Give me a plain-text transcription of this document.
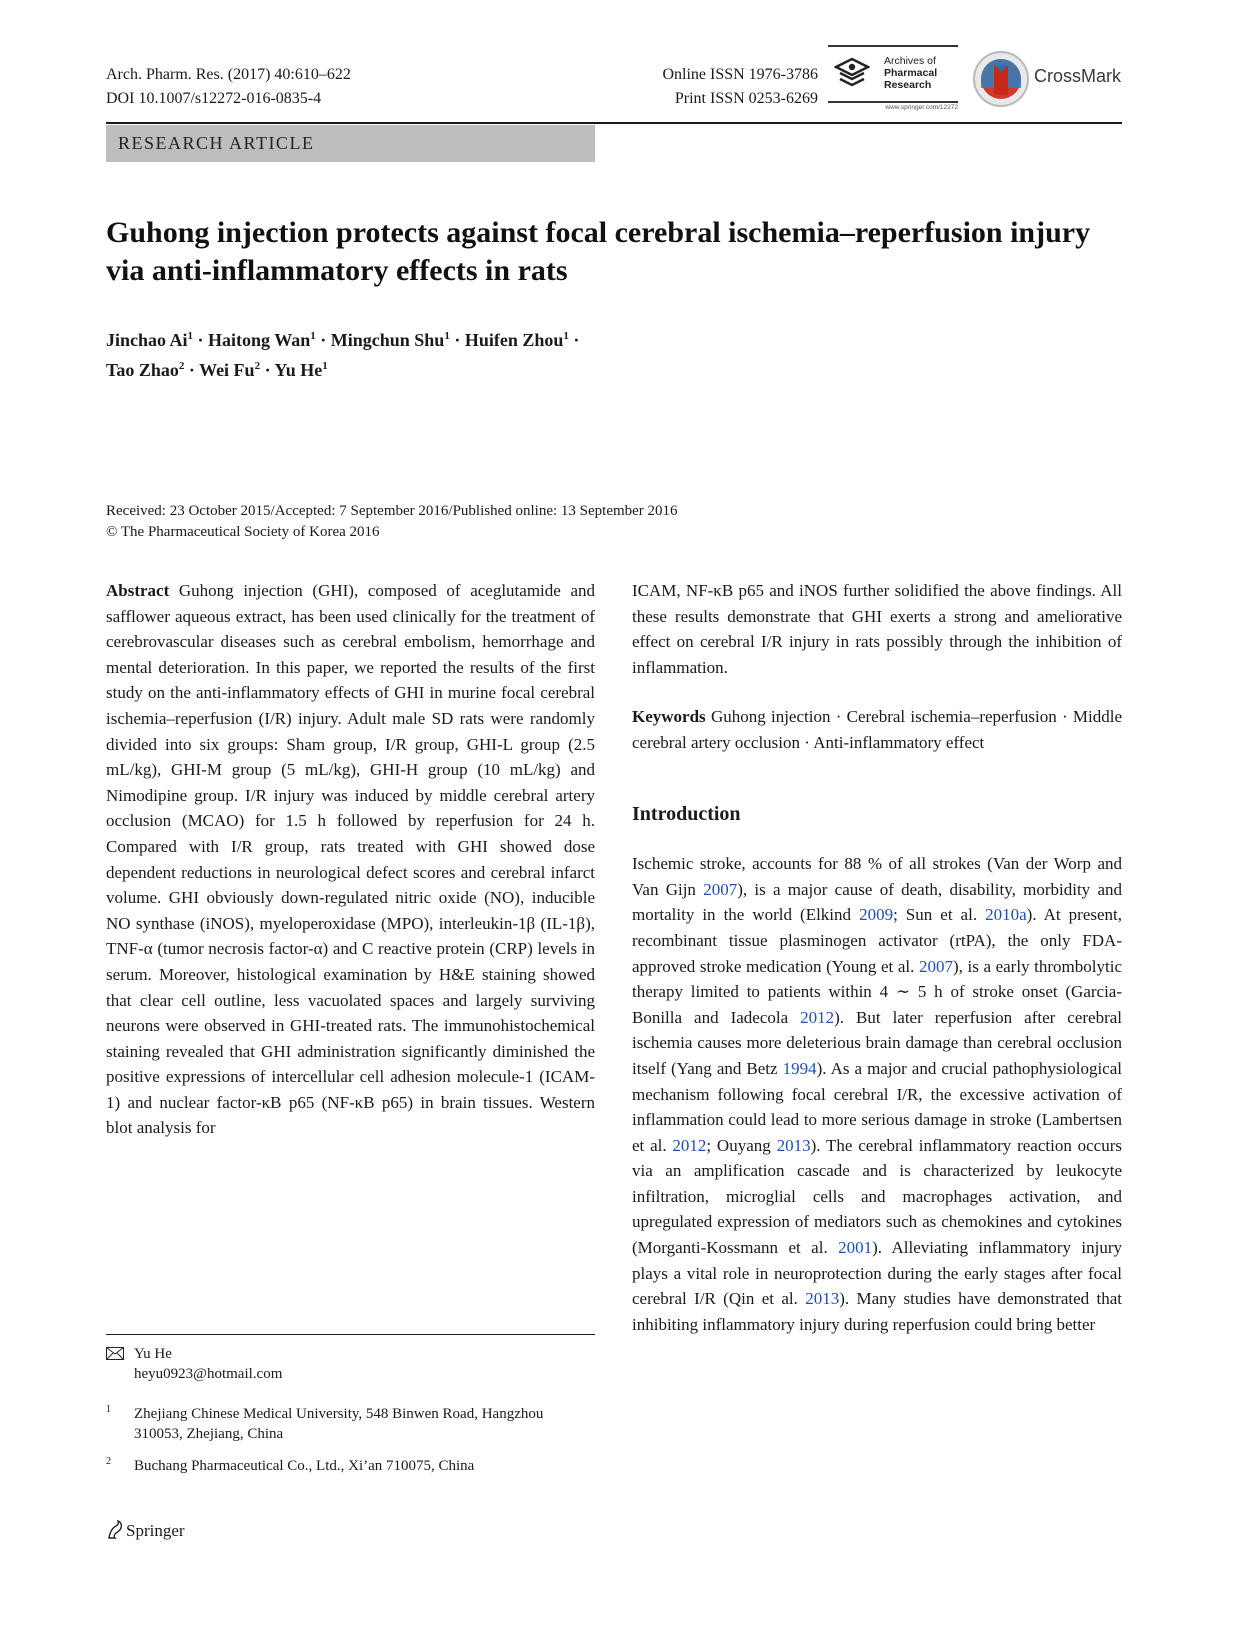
Arch. Pharm. Res. (2017) 40:610–622
DOI 10.1007/s12272-016-0835-4
Online ISSN 1976-3786
Print ISSN 0253-6269
Archives of
Pharmacal
Research
www.springer.com/12272
CrossMark
RESEARCH ARTICLE
Guhong injection protects against focal cerebral ischemia–reperfusion injury via anti-inflammatory effects in rats
Jinchao $Ai^1$ · Haitong Wan$^1$ · Mingchun Shu$^1$ · Huifen Zhou$^1$ ·
Tao Zhao$^2$ · Wei $Fu^2 \cdot Yu$ He$^1$
Received: 23 October 2015/Accepted: 7 September 2016/Published online: 13 September 2016
© The Pharmaceutical Society of Korea 2016

Abstract Guhong injection (GHI), composed of aceglutamide and safflower aqueous extract, has been used clinically for the treatment of cerebrovascular diseases such as cerebral embolism, hemorrhage and mental deterioration. In this paper, we reported the results of the first study on the anti-inflammatory effects of GHI in murine focal cerebral ischemia–reperfusion (I/R) injury. Adult male SD rats were randomly divided into six groups: Sham group, I/R group, GHI-L group (2.5 mL/kg), GHI-M group (5 mL/kg), GHI-H group (10 mL/kg) and Nimodipine group. I/R injury was induced by middle cerebral artery occlusion (MCAO) for 1.5 h followed by reperfusion for 24 h. Compared with I/R group, rats treated with GHI showed dose dependent reductions in neurological defect scores and cerebral infarct volume. GHI obviously down-regulated nitric oxide (NO), inducible NO synthase (iNOS), myeloperoxidase (MPO), interleukin-1β (IL-1β), TNF-α (tumor necrosis factor-α) and C reactive protein (CRP) levels in serum. Moreover, histological examination by H&E staining showed that clear cell outline, less vacuolated spaces and largely surviving neurons were observed in GHI-treated rats. The immunohistochemical staining revealed that GHI administration significantly diminished the positive expressions of intercellular cell adhesion molecule-1 (ICAM-1) and nuclear factor-κB p65 (NF-κB p65) in brain tissues. Western blot analysis for

ICAM, NF-κB p65 and iNOS further solidified the above findings. All these results demonstrate that GHI exerts a strong and ameliorative effect on cerebral I/R injury in rats possibly through the inhibition of inflammation.

Keywords Guhong injection · Cerebral ischemia–reperfusion · Middle cerebral artery occlusion · Anti-inflammatory effect

Introduction

Ischemic stroke, accounts for 88 % of all strokes (Van der Worp and Van Gijn 2007), is a major cause of death, disability, morbidity and mortality in the world (Elkind 2009; Sun et al. 2010a). At present, recombinant tissue plasminogen activator (rtPA), the only FDA-approved stroke medication (Young et al. 2007), is a early thrombolytic therapy limited to patients within 4 ∼ 5 h of stroke onset (Garcia-Bonilla and Iadecola 2012). But later reperfusion after cerebral ischemia causes more deleterious brain damage than cerebral occlusion itself (Yang and Betz 1994). As a major and crucial pathophysiological mechanism following focal cerebral I/R, the excessive activation of inflammation could lead to more serious damage in stroke (Lambertsen et al. 2012; Ouyang 2013). The cerebral inflammatory reaction occurs via an amplification cascade and is characterized by leukocyte infiltration, microglial cells and macrophages activation, and upregulated expression of mediators such as chemokines and cytokines (Morganti-Kossmann et al. 2001). Alleviating inflammatory injury plays a vital role in neuroprotection during the early stages after focal cerebral I/R (Qin et al. 2013). Many studies have demonstrated that inhibiting inflammatory injury during reperfusion could bring better

Yu He
heyu0923@hotmail.com
1 Zhejiang Chinese Medical University, 548 Binwen Road, Hangzhou 310053, Zhejiang, China
2 Buchang Pharmaceutical Co., Ltd., Xi’an 710075, China
Springer
